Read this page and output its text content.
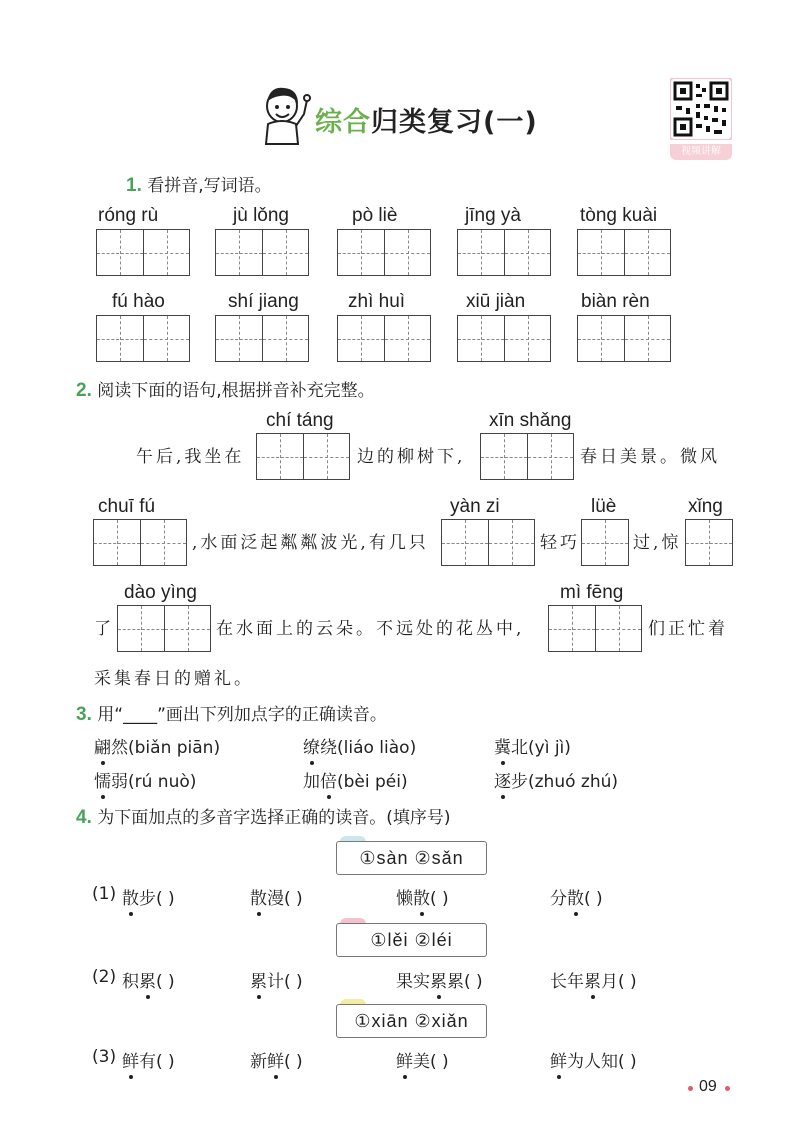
综合归类复习(一)
视频讲解
1. 看拼音,写词语。
róng rù	jù lǒng	pò liè	jīng yà	tòng kuài
fú hào	shí jiang	zhì huì	xiū jiàn	biàn rèn
2. 阅读下面的语句,根据拼音补充完整。
chí táng	xīn shǎng
午后,我坐在	边的柳树下,	春日美景。微风
chuī fú	yàn zi	lüè	xǐng
,水面泛起粼粼波光,有几只	轻巧	过,惊
dào yìng	mì fēng
了	在水面上的云朵。不远处的花丛中,	们正忙着
采集春日的赠礼。
3. 用“____”画出下列加点字的正确读音。
翩然(biǎn piān)	缭绕(liáo liào)	冀北(yì jì)
懦弱(rú nuò)	加倍(bèi péi)	逐步(zhuó zhú)
4. 为下面加点的多音字选择正确的读音。(填序号)
①sàn ②sǎn
(1) 散步( )	散漫( )	懒散( )	分散( )
①lěi ②léi
(2) 积累( )	累计( )	果实累累( )	长年累月( )
①xiān ②xiǎn
(3) 鲜有( )	新鲜( )	鲜美( )	鲜为人知( )
09
